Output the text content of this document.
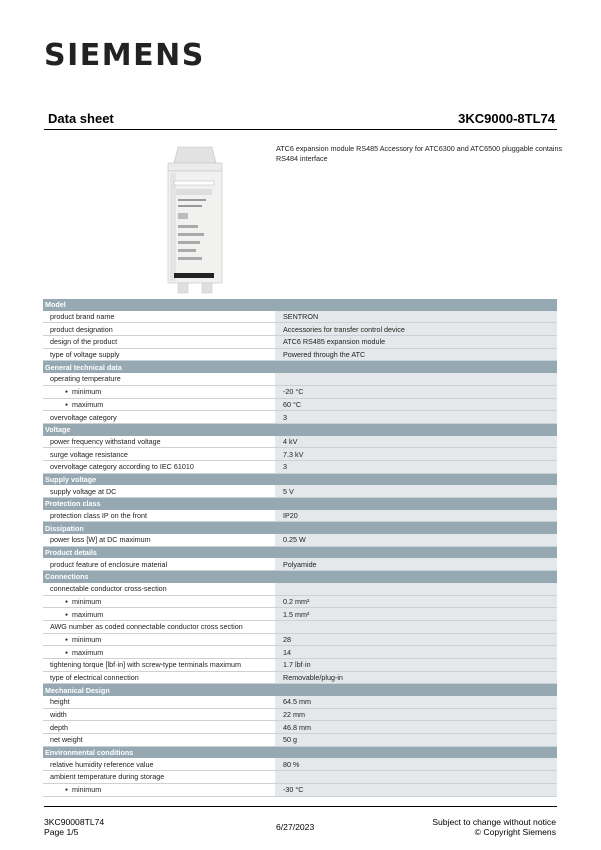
SIEMENS
Data sheet	3KC9000-8TL74
ATC6 expansion module RS485 Accessory for ATC6300 and ATC6500 pluggable contains RS484 interface
Model	
product brand name	SENTRON
product designation	Accessories for transfer control device
design of the product	ATC6 RS485 expansion module
type of voltage supply	Powered through the ATC
General technical data	
operating temperature	
● minimum	-20 °C
● maximum	60 °C
overvoltage category	3
Voltage	
power frequency withstand voltage	4 kV
surge voltage resistance	7.3 kV
overvoltage category according to IEC 61010	3
Supply voltage	
supply voltage at DC	5 V
Protection class	
protection class IP on the front	IP20
Dissipation	
power loss [W] at DC maximum	0.25 W
Product details	
product feature of enclosure material	Polyamide
Connections	
connectable conductor cross-section	
● minimum	0.2 mm²
● maximum	1.5 mm²
AWG number as coded connectable conductor cross section	
● minimum	28
● maximum	14
tightening torque [lbf·in] with screw-type terminals maximum	1.7 lbf·in
type of electrical connection	Removable/plug-in
Mechanical Design	
height	64.5 mm
width	22 mm
depth	46.8 mm
net weight	50 g
Environmental conditions	
relative humidity reference value	80 %
ambient temperature during storage	
● minimum	-30 °C
3KC90008TL74
Page 1/5	6/27/2023	Subject to change without notice
© Copyright Siemens
